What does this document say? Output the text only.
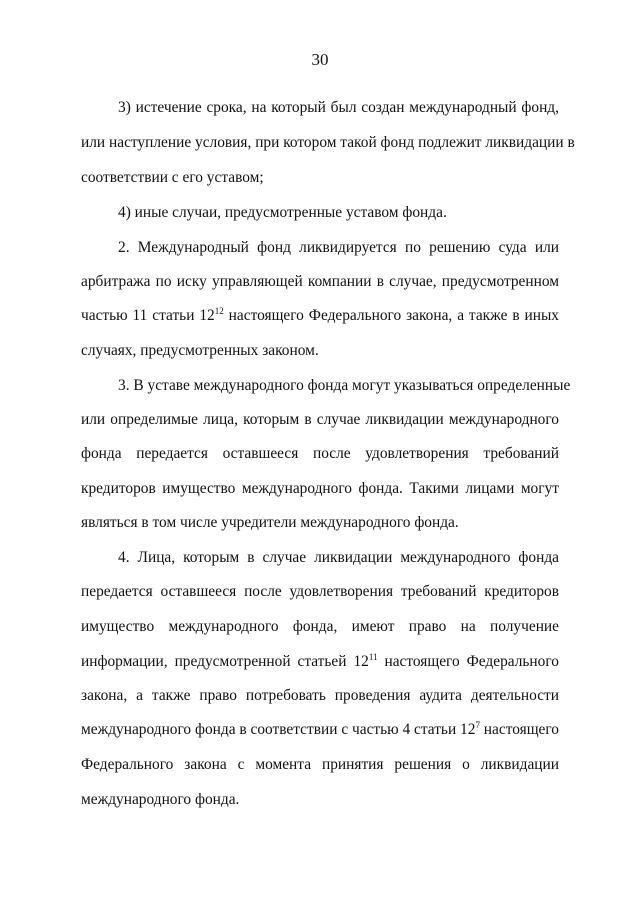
30
3) истечение срока, на который был создан международный фонд,
или наступление условия, при котором такой фонд подлежит ликвидации в
соответствии с его уставом;
4) иные случаи, предусмотренные уставом фонда.
2. Международный фонд ликвидируется по решению суда или
арбитража по иску управляющей компании в случае, предусмотренном
частью 11 статьи $12^{12}$ настоящего Федерального закона, а также в иных
случаях, предусмотренных законом.
3. В уставе международного фонда могут указываться определенные
или определимые лица, которым в случае ликвидации международного
фонда передается оставшееся после удовлетворения требований
кредиторов имущество международного фонда. Такими лицами могут
являться в том числе учредители международного фонда.
4. Лица, которым в случае ликвидации международного фонда
передается оставшееся после удовлетворения требований кредиторов
имущество международного фонда, имеют право на получение
информации, предусмотренной статьей $12^{11}$ настоящего Федерального
закона, а также право потребовать проведения аудита деятельности
международного фонда в соответствии с частью 4 статьи $12^7$ настоящего
Федерального закона с момента принятия решения о ликвидации
международного фонда.
